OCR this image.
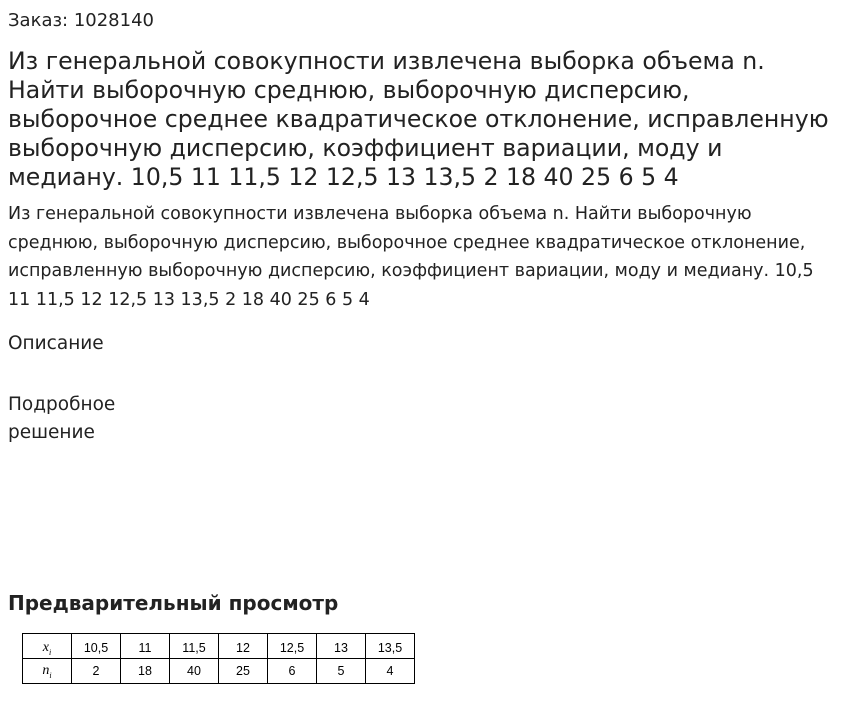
Заказ: 1028140
Из генеральной совокупности извлечена выборка объема n. Найти выборочную среднюю, выборочную дисперсию, выборочное среднее квадратическое отклонение, исправленную выборочную дисперсию, коэффициент вариации, моду и медиану. 10,5 11 11,5 12 12,5 13 13,5 2 18 40 25 6 5 4

Из генеральной совокупности извлечена выборка объема n. Найти выборочную среднюю, выборочную дисперсию, выборочное среднее квадратическое отклонение, исправленную выборочную дисперсию, коэффициент вариации, моду и медиану. 10,5 11 11,5 12 12,5 13 13,5 2 18 40 25 6 5 4

Описание
Подробное решение
Предварительный просмотр
$x_i$	10,5	11	11,5	12	12,5	13	13,5
$n_i$	2	18	40	25	6	5	4
